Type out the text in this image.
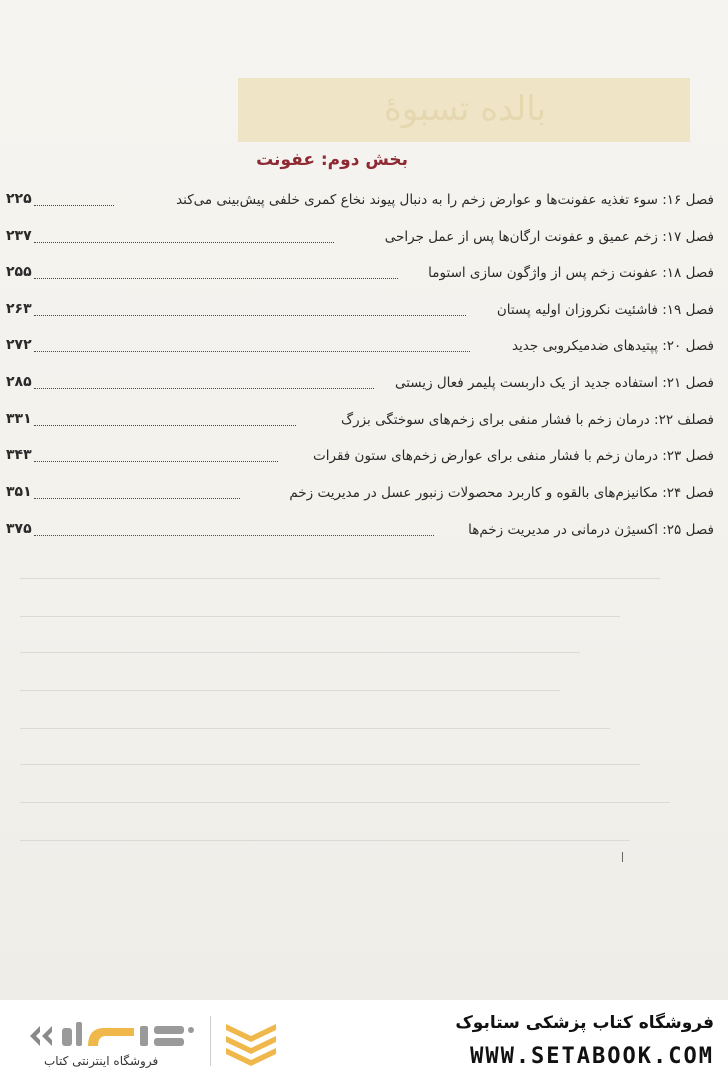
بالده تسبوهٔ
بخش دوم: عفونت
۲۲۵	فصل ۱۶: سوء تغذیه عفونت‌ها و عوارض زخم را به دنبال پیوند نخاع کمری خلفی پیش‌بینی می‌کند
۲۳۷	فصل ۱۷: زخم عمیق و عفونت ارگان‌ها پس از عمل جراحی
۲۵۵	فصل ۱۸: عفونت زخم پس از واژگون سازی استوما
۲۶۳	فصل ۱۹: فاشئیت نکروزان اولیه پستان
۲۷۲	فصل ۲۰: پپتیدهای ضدمیکروبی جدید
۲۸۵	فصل ۲۱: استفاده جدید از یک داربست پلیمر فعال زیستی
۳۳۱	فصلف ۲۲: درمان زخم با فشار منفی برای زخم‌های سوختگی بزرگ
۳۴۳	فصل ۲۳: درمان زخم با فشار منفی برای عوارض زخم‌های ستون فقرات
۳۵۱	فصل ۲۴: مکانیزم‌های بالقوه و کاربرد محصولات زنبور عسل در مدیریت زخم
۳۷۵	فصل ۲۵: اکسیژن درمانی در مدیریت زخم‌ها
فروشگاه اینترنتی کتاب
فروشگاه کتاب پزشکی ستابوک
WWW.SETABOOK.COM
